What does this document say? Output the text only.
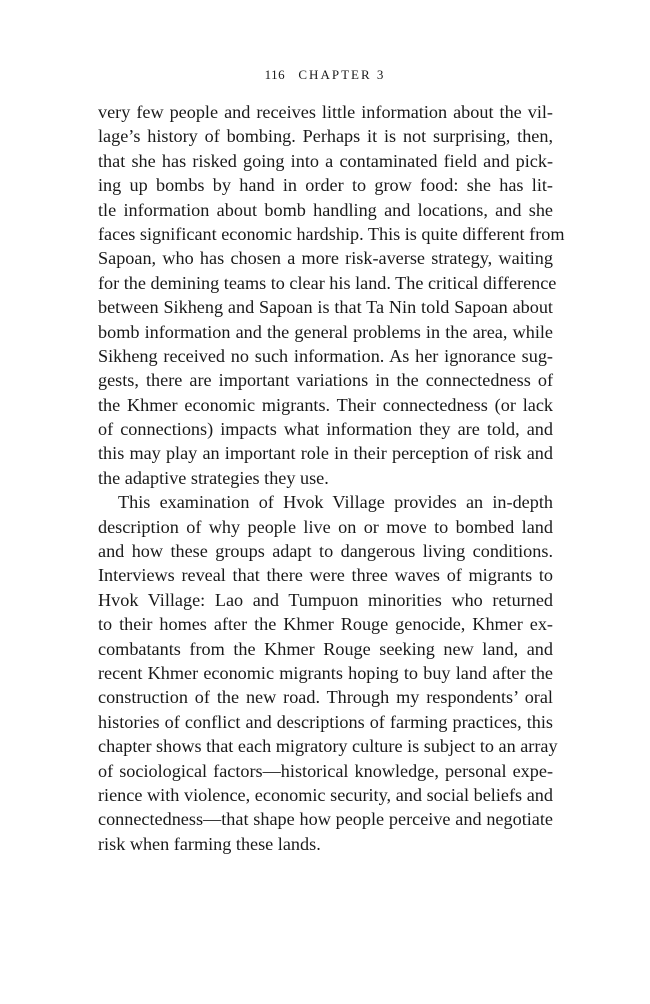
116 CHAPTER 3
very few people and receives little information about the vil-
lage’s history of bombing. Perhaps it is not surprising, then,
that she has risked going into a contaminated field and pick-
ing up bombs by hand in order to grow food: she has lit-
tle information about bomb handling and locations, and she
faces significant economic hardship. This is quite different from
Sapoan, who has chosen a more risk-averse strategy, waiting
for the demining teams to clear his land. The critical difference
between Sikheng and Sapoan is that Ta Nin told Sapoan about
bomb information and the general problems in the area, while
Sikheng received no such information. As her ignorance sug-
gests, there are important variations in the connectedness of
the Khmer economic migrants. Their connectedness (or lack
of connections) impacts what information they are told, and
this may play an important role in their perception of risk and
the adaptive strategies they use.
This examination of Hvok Village provides an in-depth
description of why people live on or move to bombed land
and how these groups adapt to dangerous living conditions.
Interviews reveal that there were three waves of migrants to
Hvok Village: Lao and Tumpuon minorities who returned
to their homes after the Khmer Rouge genocide, Khmer ex-
combatants from the Khmer Rouge seeking new land, and
recent Khmer economic migrants hoping to buy land after the
construction of the new road. Through my respondents’ oral
histories of conflict and descriptions of farming practices, this
chapter shows that each migratory culture is subject to an array
of sociological factors—historical knowledge, personal expe-
rience with violence, economic security, and social beliefs and
connectedness—that shape how people perceive and negotiate
risk when farming these lands.
